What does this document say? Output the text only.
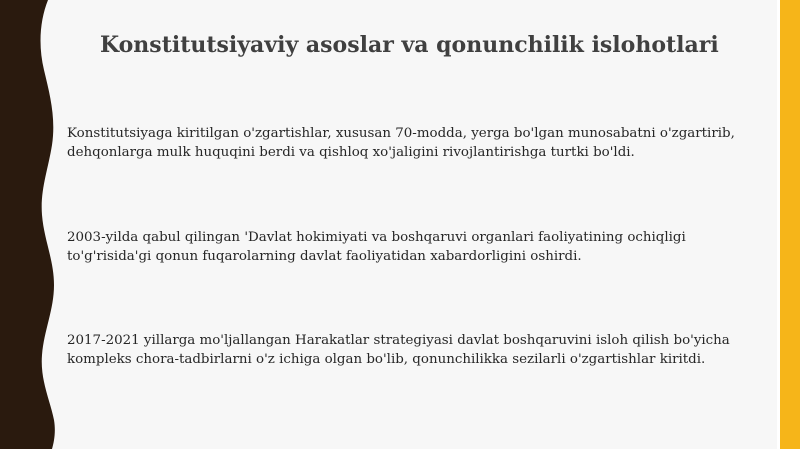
Konstitutsiyaviy asoslar va qonunchilik islohotlari

Konstitutsiyaga kiritilgan o'zgartishlar, xususan 70-modda, yerga bo'lgan munosabatni o'zgartirib, dehqonlarga mulk huquqini berdi va qishloq xo'jaligini rivojlantirishga turtki bo'ldi.

2003-yilda qabul qilingan 'Davlat hokimiyati va boshqaruvi organlari faoliyatining ochiqligi to'g'risida'gi qonun fuqarolarning davlat faoliyatidan xabardorligini oshirdi.

2017-2021 yillarga mo'ljallangan Harakatlar strategiyasi davlat boshqaruvini isloh qilish bo'yicha kompleks chora-tadbirlarni o'z ichiga olgan bo'lib, qonunchilikka sezilarli o'zgartishlar kiritdi.
